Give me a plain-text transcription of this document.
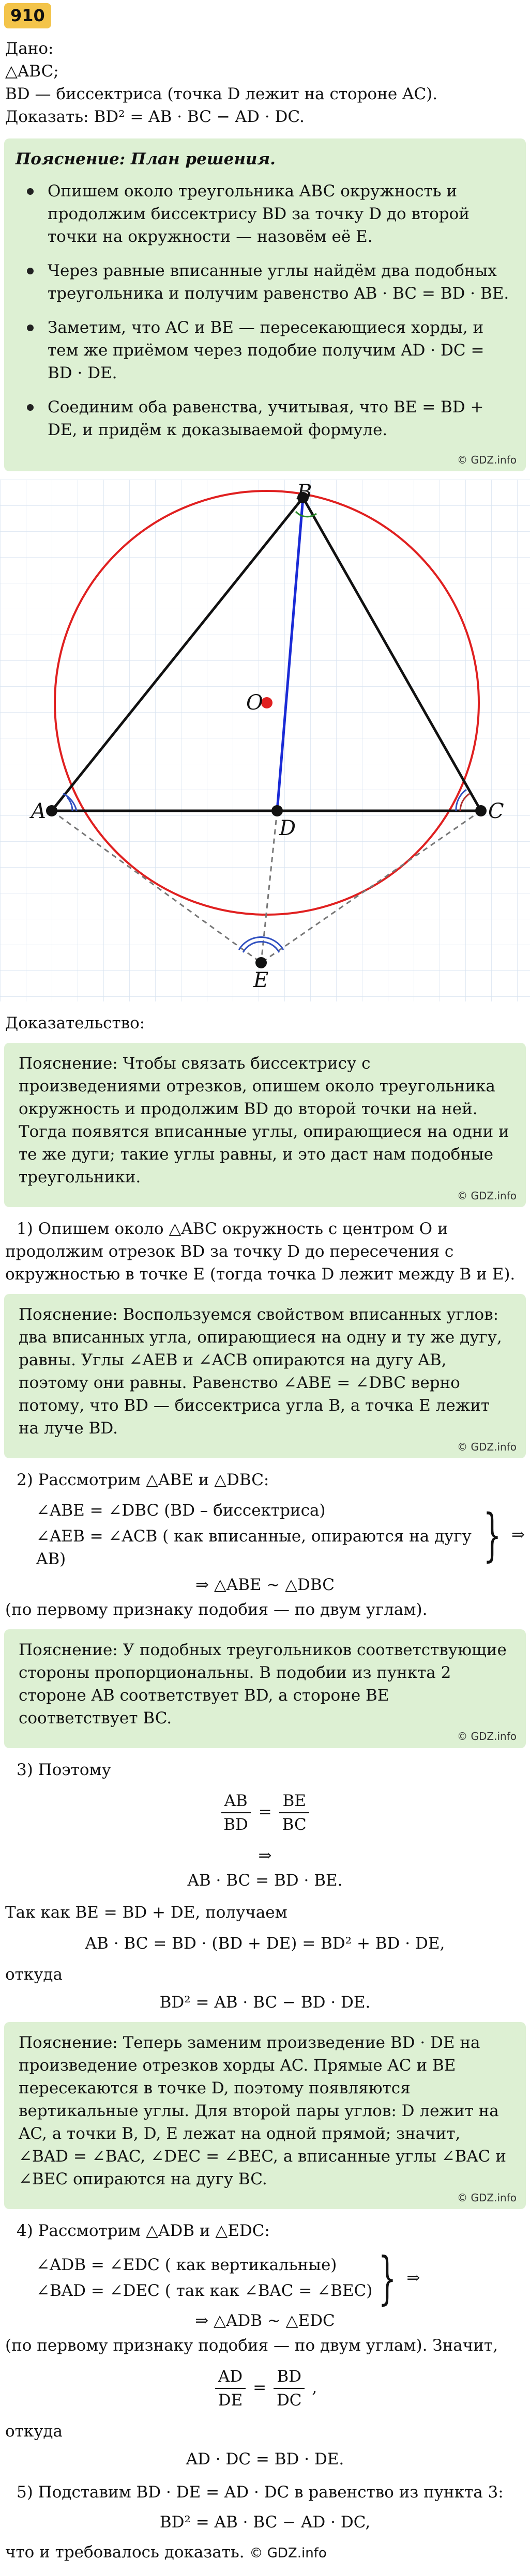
910

Дано:

△ABC;

BD — биссектриса (точка D лежит на стороне AC).

Доказать: BD² = AB · BC − AD · DC.

Пояснение: План решения.

Опишем около треугольника ABC окружность и продолжим биссектрису BD за точку D до второй точки на окружности — назовём её E.
Через равные вписанные углы найдём два подобных треугольника и получим равенство AB · BC = BD · BE.
Заметим, что AC и BE — пересекающиеся хорды, и тем же приёмом через подобие получим AD · DC = BD · DE.
Соединим оба равенства, учитывая, что BE = BD + DE, и придём к доказываемой формуле.
© GDZ.info
B
A	C
D
E
O

Доказательство:

Пояснение: Чтобы связать биссектрису с произведениями отрезков, опишем около треугольника окружность и продолжим BD до второй точки на ней. Тогда появятся вписанные углы, опирающиеся на одни и те же дуги; такие углы равны, и это даст нам подобные треугольники.

© GDZ.info

1) Опишем около △ABC окружность с центром O и продолжим отрезок BD за точку D до пересечения с окружностью в точке E (тогда точка D лежит между B и E).

Пояснение: Воспользуемся свойством вписанных углов: два вписанных угла, опирающиеся на одну и ту же дугу, равны. Углы ∠AEB и ∠ACB опираются на дугу AB, поэтому они равны. Равенство ∠ABE = ∠DBC верно потому, что BD — биссектриса угла B, а точка E лежит на луче BD.

© GDZ.info

2) Рассмотрим △ABE и △DBC:

∠ABE = ∠DBC (BD – биссектриса)
∠AEB = ∠ACB ( как вписанные, опираются на дугу AB)	} ⇒

⇒ △ABE ∼ △DBC

(по первому признаку подобия — по двум углам).

Пояснение: У подобных треугольников соответствующие стороны пропорциональны. В подобии из пункта 2 стороне AB соответствует BD, а стороне BE соответствует BC.

© GDZ.info

3) Поэтому

$\frac{AB}{BD} = \frac{BE}{BC}$

⇒

AB · BC = BD · BE.

Так как BE = BD + DE, получаем

AB · BC = BD · (BD + DE) = BD² + BD · DE,

откуда

BD² = AB · BC − BD · DE.

Пояснение: Теперь заменим произведение BD · DE на произведение отрезков хорды AC. Прямые AC и BE пересекаются в точке D, поэтому появляются вертикальные углы. Для второй пары углов: D лежит на AC, а точки B, D, E лежат на одной прямой; значит, ∠BAD = ∠BAC, ∠DEC = ∠BEC, а вписанные углы ∠BAC и ∠BEC опираются на дугу BC.

© GDZ.info

4) Рассмотрим △ADB и △EDC:

∠ADB = ∠EDC ( как вертикальные)
∠BAD = ∠DEC ( так как ∠BAC = ∠BEC) } ⇒

⇒ △ADB ∼ △EDC

(по первому признаку подобия — по двум углам). Значит,

$\frac{AD}{DE} = \frac{BD}{DC}$ ,

откуда

AD · DC = BD · DE.

5) Подставим BD · DE = AD · DC в равенство из пункта 3:

BD² = AB · BC − AD · DC,

что и требовалось доказать. © GDZ.info
